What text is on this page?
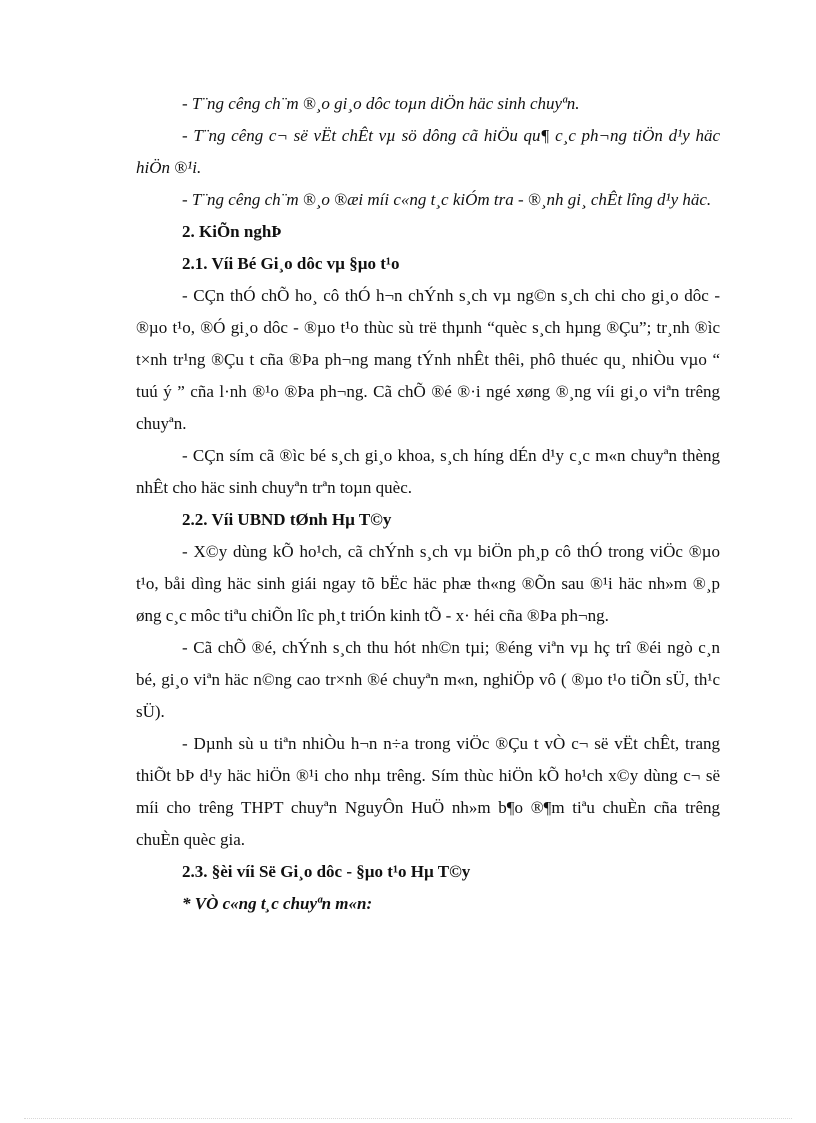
- T¨ng cêng ch¨m ®¸o gi¸o dôc toµn diÖn häc sinh chuyªn.

- T¨ng cêng c¬ së vËt chÊt vµ sö dông cã hiÖu qu¶ c¸c ph¬ng tiÖn d¹y häc hiÖn ®¹i.

- T¨ng cêng ch¨m ®¸o ®æi míi c«ng t¸c kiÓm tra - ®¸nh gi¸ chÊt lîng d¹y häc.

2. KiÕn nghÞ

2.1. Víi Bé Gi¸o dôc vµ §µo t¹o

- CÇn thÓ chÕ ho¸ cô thÓ h¬n chÝnh s¸ch vµ ng©n s¸ch chi cho gi¸o dôc - ®µo t¹o, ®Ó gi¸o dôc - ®µo t¹o thùc sù trë thµnh “quèc s¸ch hµng ®Çu”; tr¸nh ®ìc t×nh tr¹ng ®Çu t cña ®Þa ph¬ng mang tÝnh nhÊt thêi, phô thuéc qu¸ nhiÒu vµo “ tuú ý ” cña l·nh ®¹o ®Þa ph¬ng. Cã chÕ ®é ®·i ngé xøng ®¸ng víi gi¸o viªn trêng chuyªn.

- CÇn sím cã ®ìc bé s¸ch gi¸o khoa, s¸ch híng dÉn d¹y c¸c m«n chuyªn thèng nhÊt cho häc sinh chuyªn trªn toµn quèc.

2.2. Víi UBND tØnh Hµ T©y

- X©y dùng kÕ ho¹ch, cã chÝnh s¸ch vµ biÖn ph¸p cô thÓ trong viÖc ®µo t¹o, båi dìng häc sinh giái ngay tõ bËc häc phæ th«ng ®Õn sau ®¹i häc nh»m ®¸p øng c¸c môc tiªu chiÕn lîc ph¸t triÓn kinh tÕ - x· héi cña ®Þa ph¬ng.

- Cã chÕ ®é, chÝnh s¸ch thu hót nh©n tµi; ®éng viªn vµ hç trî ®éi ngò c¸n bé, gi¸o viªn häc n©ng cao tr×nh ®é chuyªn m«n, nghiÖp vô ( ®µo t¹o tiÕn sÜ, th¹c sÜ).

- Dµnh sù u tiªn nhiÒu h¬n n÷a trong viÖc ®Çu t vÒ c¬ së vËt chÊt, trang thiÕt bÞ d¹y häc hiÖn ®¹i cho nhµ trêng. Sím thùc hiÖn kÕ ho¹ch x©y dùng c¬ së míi cho trêng THPT chuyªn NguyÔn HuÖ nh»m b¶o ®¶m tiªu chuÈn cña trêng chuÈn quèc gia.

2.3. §èi víi Së Gi¸o dôc - §µo t¹o Hµ T©y

* VÒ c«ng t¸c chuyªn m«n:
